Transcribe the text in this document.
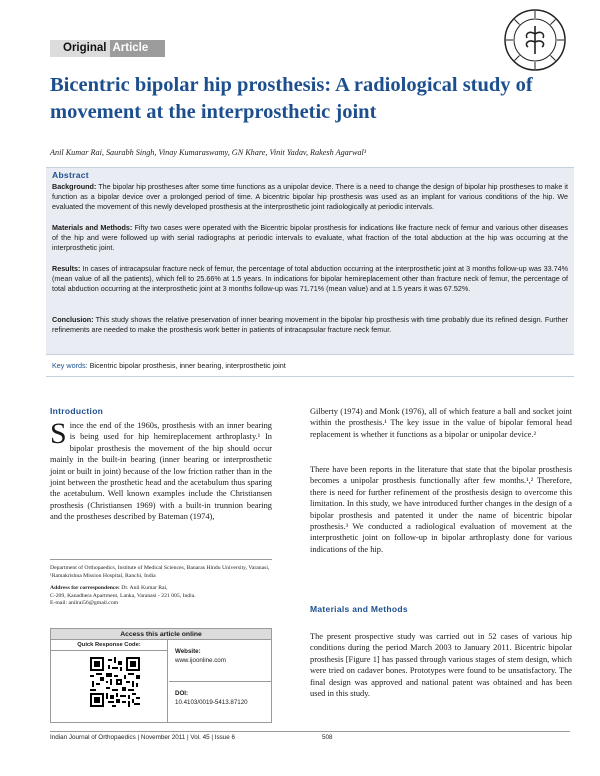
Original Article
Bicentric bipolar hip prosthesis: A radiological study of movement at the interprosthetic joint
Anil Kumar Rai, Saurabh Singh, Vinay Kumaraswamy, GN Khare, Vinit Yadav, Rakesh Agarwal¹
Abstract

Background: The bipolar hip prostheses after some time functions as a unipolar device. There is a need to change the design of bipolar hip prostheses to make it function as a bipolar device over a prolonged period of time. A bicentric bipolar hip prosthesis was used as an implant for various conditions of the hip. We evaluated the movement of this newly developed prosthesis at the interprosthetic joint radiologically at periodic intervals.

Materials and Methods: Fifty two cases were operated with the Bicentric bipolar prosthesis for indications like fracture neck of femur and various other diseases of the hip and were followed up with serial radiographs at periodic intervals to evaluate, what fraction of the total abduction at the hip was occurring at the interprosthetic joint.

Results: In cases of intracapsular fracture neck of femur, the percentage of total abduction occurring at the interprosthetic joint at 3 months follow-up was 33.74% (mean value of all the patients), which fell to 25.66% at 1.5 years. In indications for bipolar hemireplacement other than fracture neck of femur, the percentage of total abduction occurring at the interprosthetic joint at 3 months follow-up was 71.71% (mean value) and at 1.5 years it was 67.52%.

Conclusion: This study shows the relative preservation of inner bearing movement in the bipolar hip prosthesis with time probably due its refined design. Further refinements are needed to make the prosthesis work better in patients of intracapsular fracture neck femur.

Key words: Bicentric bipolar prosthesis, inner bearing, interprosthetic joint

Introduction

Since the end of the 1960s, prosthesis with an inner bearing is being used for hip hemireplacement arthroplasty.¹ In bipolar prosthesis the movement of the hip should occur mainly in the built-in bearing (inner bearing or interprosthetic joint or built in joint) because of the low friction rather than in the joint between the prosthetic head and the acetabulum thus sparing the acetabulum. Well known examples include the Christiansen prosthesis (Christiansen 1969) with a built-in trunnion bearing and the prostheses described by Bateman (1974),

Department of Orthopaedics, Institute of Medical Sciences, Banaras Hindu University, Varanasi, ¹Ramakrishna Mission Hospital, Ranchi, India

Address for correspondence: Dr. Anil Kumar Rai,
C-209, Kanadhera Apartment, Lanka, Varanasi - 221 005, India.
E-mail: anilrai56@gmail.com

Access this article online
Quick Response Code:
Website:
www.ijoonline.com
DOI:
10.4103/0019-5413.87120

Gilberty (1974) and Monk (1976), all of which feature a ball and socket joint within the prosthesis.¹ The key issue in the value of bipolar femoral head replacement is whether it functions as a bipolar or unipolar device.²

There have been reports in the literature that state that the bipolar prosthesis becomes a unipolar prosthesis functionally after few months.¹,² Therefore, there is need for further refinement of the prosthesis design to overcome this limitation. In this study, we have introduced further changes in the design of a bipolar prosthesis and patented it under the name of bicentric bipolar prosthesis.³ We conducted a radiological evaluation of movement at the interprosthetic joint on follow-up in bipolar arthroplasty done for various indications of the hip.

Materials and Methods

The present prospective study was carried out in 52 cases of various hip conditions during the period March 2003 to January 2011. Bicentric bipolar prosthesis [Figure 1] has passed through various stages of stem design, which were tried on cadaver bones. Prototypes were found to be unsatisfactory. The final design was approved and national patent was obtained and has been used in this study.

Indian Journal of Orthopaedics | November 2011 | Vol. 45 | Issue 6	508
